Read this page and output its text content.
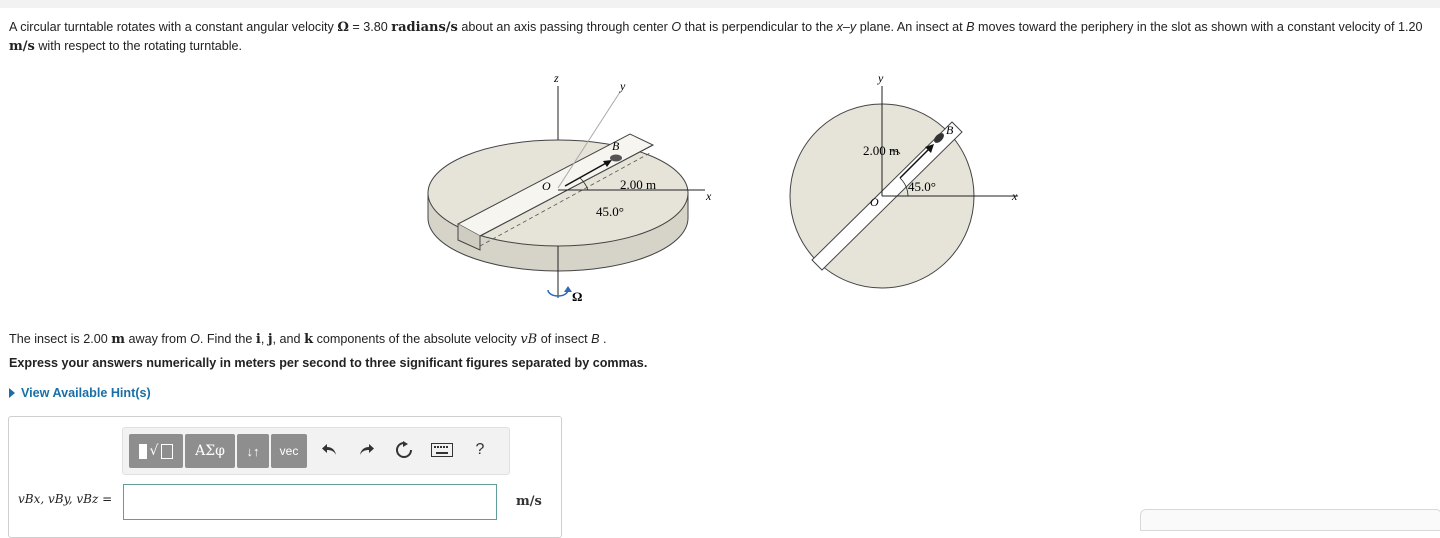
A circular turntable rotates with a constant angular velocity Ω = 3.80 radians/s about an axis passing through center O that is perpendicular to the x–y plane. An insect at B moves toward the periphery in the slot as shown with a constant velocity of 1.20 m/s with respect to the rotating turntable.
z
y
x
O
B
2.00 m
45.0°
Ω
y
x
O
B
2.00 m
45.0°
The insect is 2.00 m away from O. Find the i, j, and k components of the absolute velocity vB of insect B .
Express your answers numerically in meters per second to three significant figures separated by commas.
View Available Hint(s)
√	ΑΣφ	↓↑	vec	?
vBx, vBy, vBz =	m/s
